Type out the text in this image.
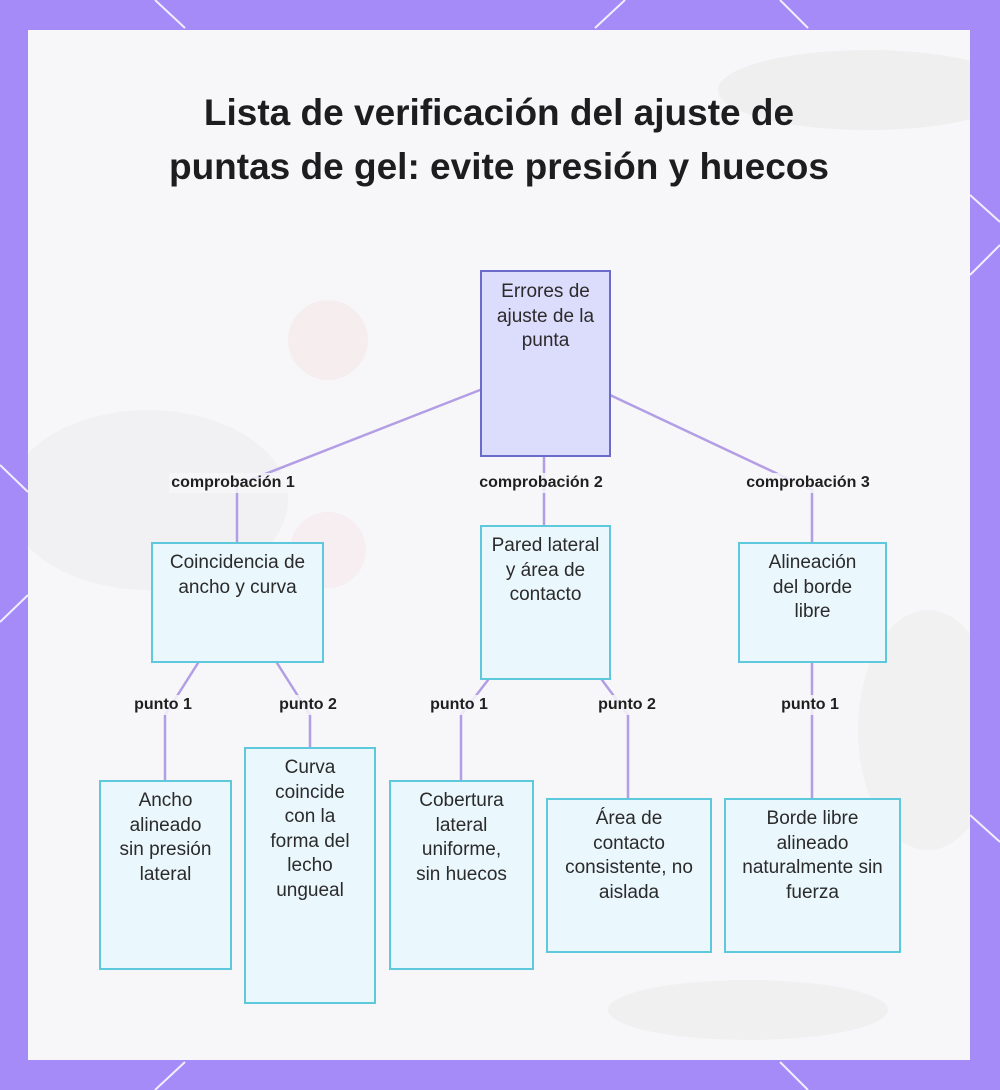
Lista de verificación del ajuste de puntas de gel: evite presión y huecos
comprobación 1	comprobación 2	comprobación 3
punto 1	punto 2	punto 1	punto 2	punto 1
Errores de ajuste de la punta
Coincidencia de ancho y curva
Pared lateral y área de contacto
Alineación del borde libre
Ancho alineado sin presión lateral
Curva coincide con la forma del lecho ungueal
Cobertura lateral uniforme, sin huecos
Área de contacto consistente, no aislada
Borde libre alineado naturalmente sin fuerza
